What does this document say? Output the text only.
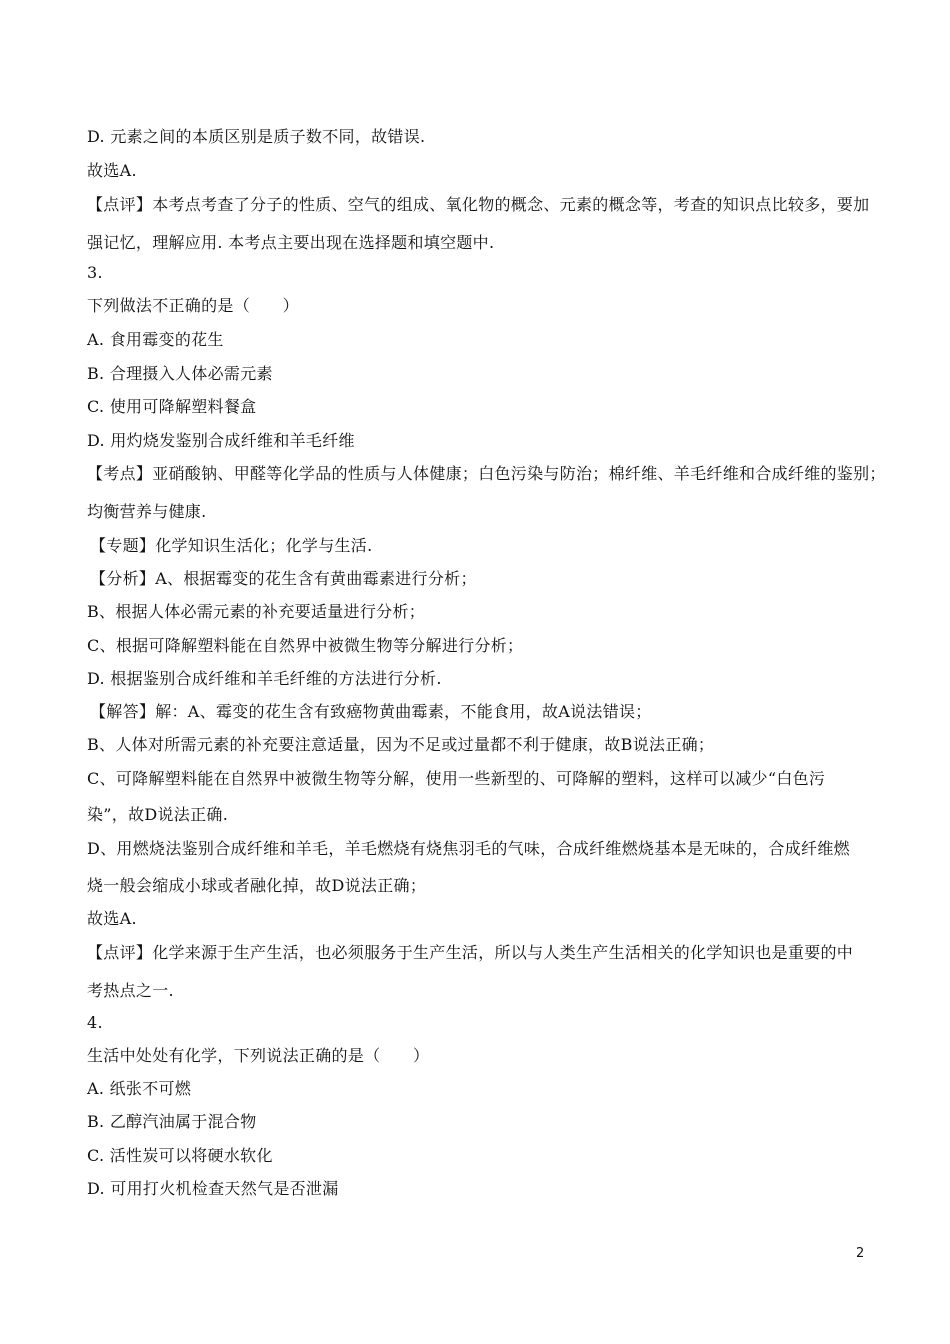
D. 元素之间的本质区别是质子数不同，故错误.
故选A.
【点评】本考点考查了分子的性质、空气的组成、氧化物的概念、元素的概念等，考查的知识点比较多，要加
强记忆，理解应用. 本考点主要出现在选择题和填空题中.
3.
下列做法不正确的是（　　）
A. 食用霉变的花生
B. 合理摄入人体必需元素
C. 使用可降解塑料餐盒
D. 用灼烧发鉴别合成纤维和羊毛纤维
【考点】亚硝酸钠、甲醛等化学品的性质与人体健康；白色污染与防治；棉纤维、羊毛纤维和合成纤维的鉴别；
均衡营养与健康.
【专题】化学知识生活化；化学与生活.
【分析】A、根据霉变的花生含有黄曲霉素进行分析；
B、根据人体必需元素的补充要适量进行分析；
C、根据可降解塑料能在自然界中被微生物等分解进行分析；
D. 根据鉴别合成纤维和羊毛纤维的方法进行分析.
【解答】解：A、霉变的花生含有致癌物黄曲霉素，不能食用，故A说法错误；
B、人体对所需元素的补充要注意适量，因为不足或过量都不利于健康，故B说法正确；
C、可降解塑料能在自然界中被微生物等分解，使用一些新型的、可降解的塑料，这样可以减少“白色污
染”，故D说法正确.
D、用燃烧法鉴别合成纤维和羊毛，羊毛燃烧有烧焦羽毛的气味，合成纤维燃烧基本是无味的，合成纤维燃
烧一般会缩成小球或者融化掉，故D说法正确；
故选A.
【点评】化学来源于生产生活，也必须服务于生产生活，所以与人类生产生活相关的化学知识也是重要的中
考热点之一.
4.
生活中处处有化学，下列说法正确的是（　　）
A. 纸张不可燃
B. 乙醇汽油属于混合物
C. 活性炭可以将硬水软化
D. 可用打火机检查天然气是否泄漏
2
